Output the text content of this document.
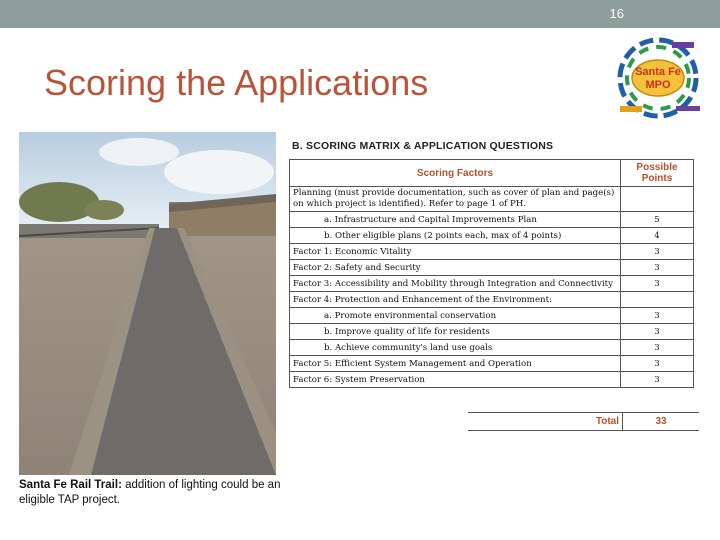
16
Scoring the Applications	Santa Fe
MPO
Santa Fe Rail Trail: addition of lighting could be an eligible TAP project.
B. SCORING MATRIX & APPLICATION QUESTIONS
Scoring Factors	Possible Points
Planning (must provide documentation, such as cover of plan and page(s) on which project is identified). Refer to page 1 of PH.	
a. Infrastructure and Capital Improvements Plan	5
b. Other eligible plans (2 points each, max of 4 points)	4
Factor 1: Economic Vitality	3
Factor 2: Safety and Security	3
Factor 3: Accessibility and Mobility through Integration and Connectivity	3
Factor 4: Protection and Enhancement of the Environment:	
a. Promote environmental conservation	3
b. Improve quality of life for residents	3
b. Achieve community's land use goals	3
Factor 5: Efficient System Management and Operation	3
Factor 6: System Preservation	3
Total	33
